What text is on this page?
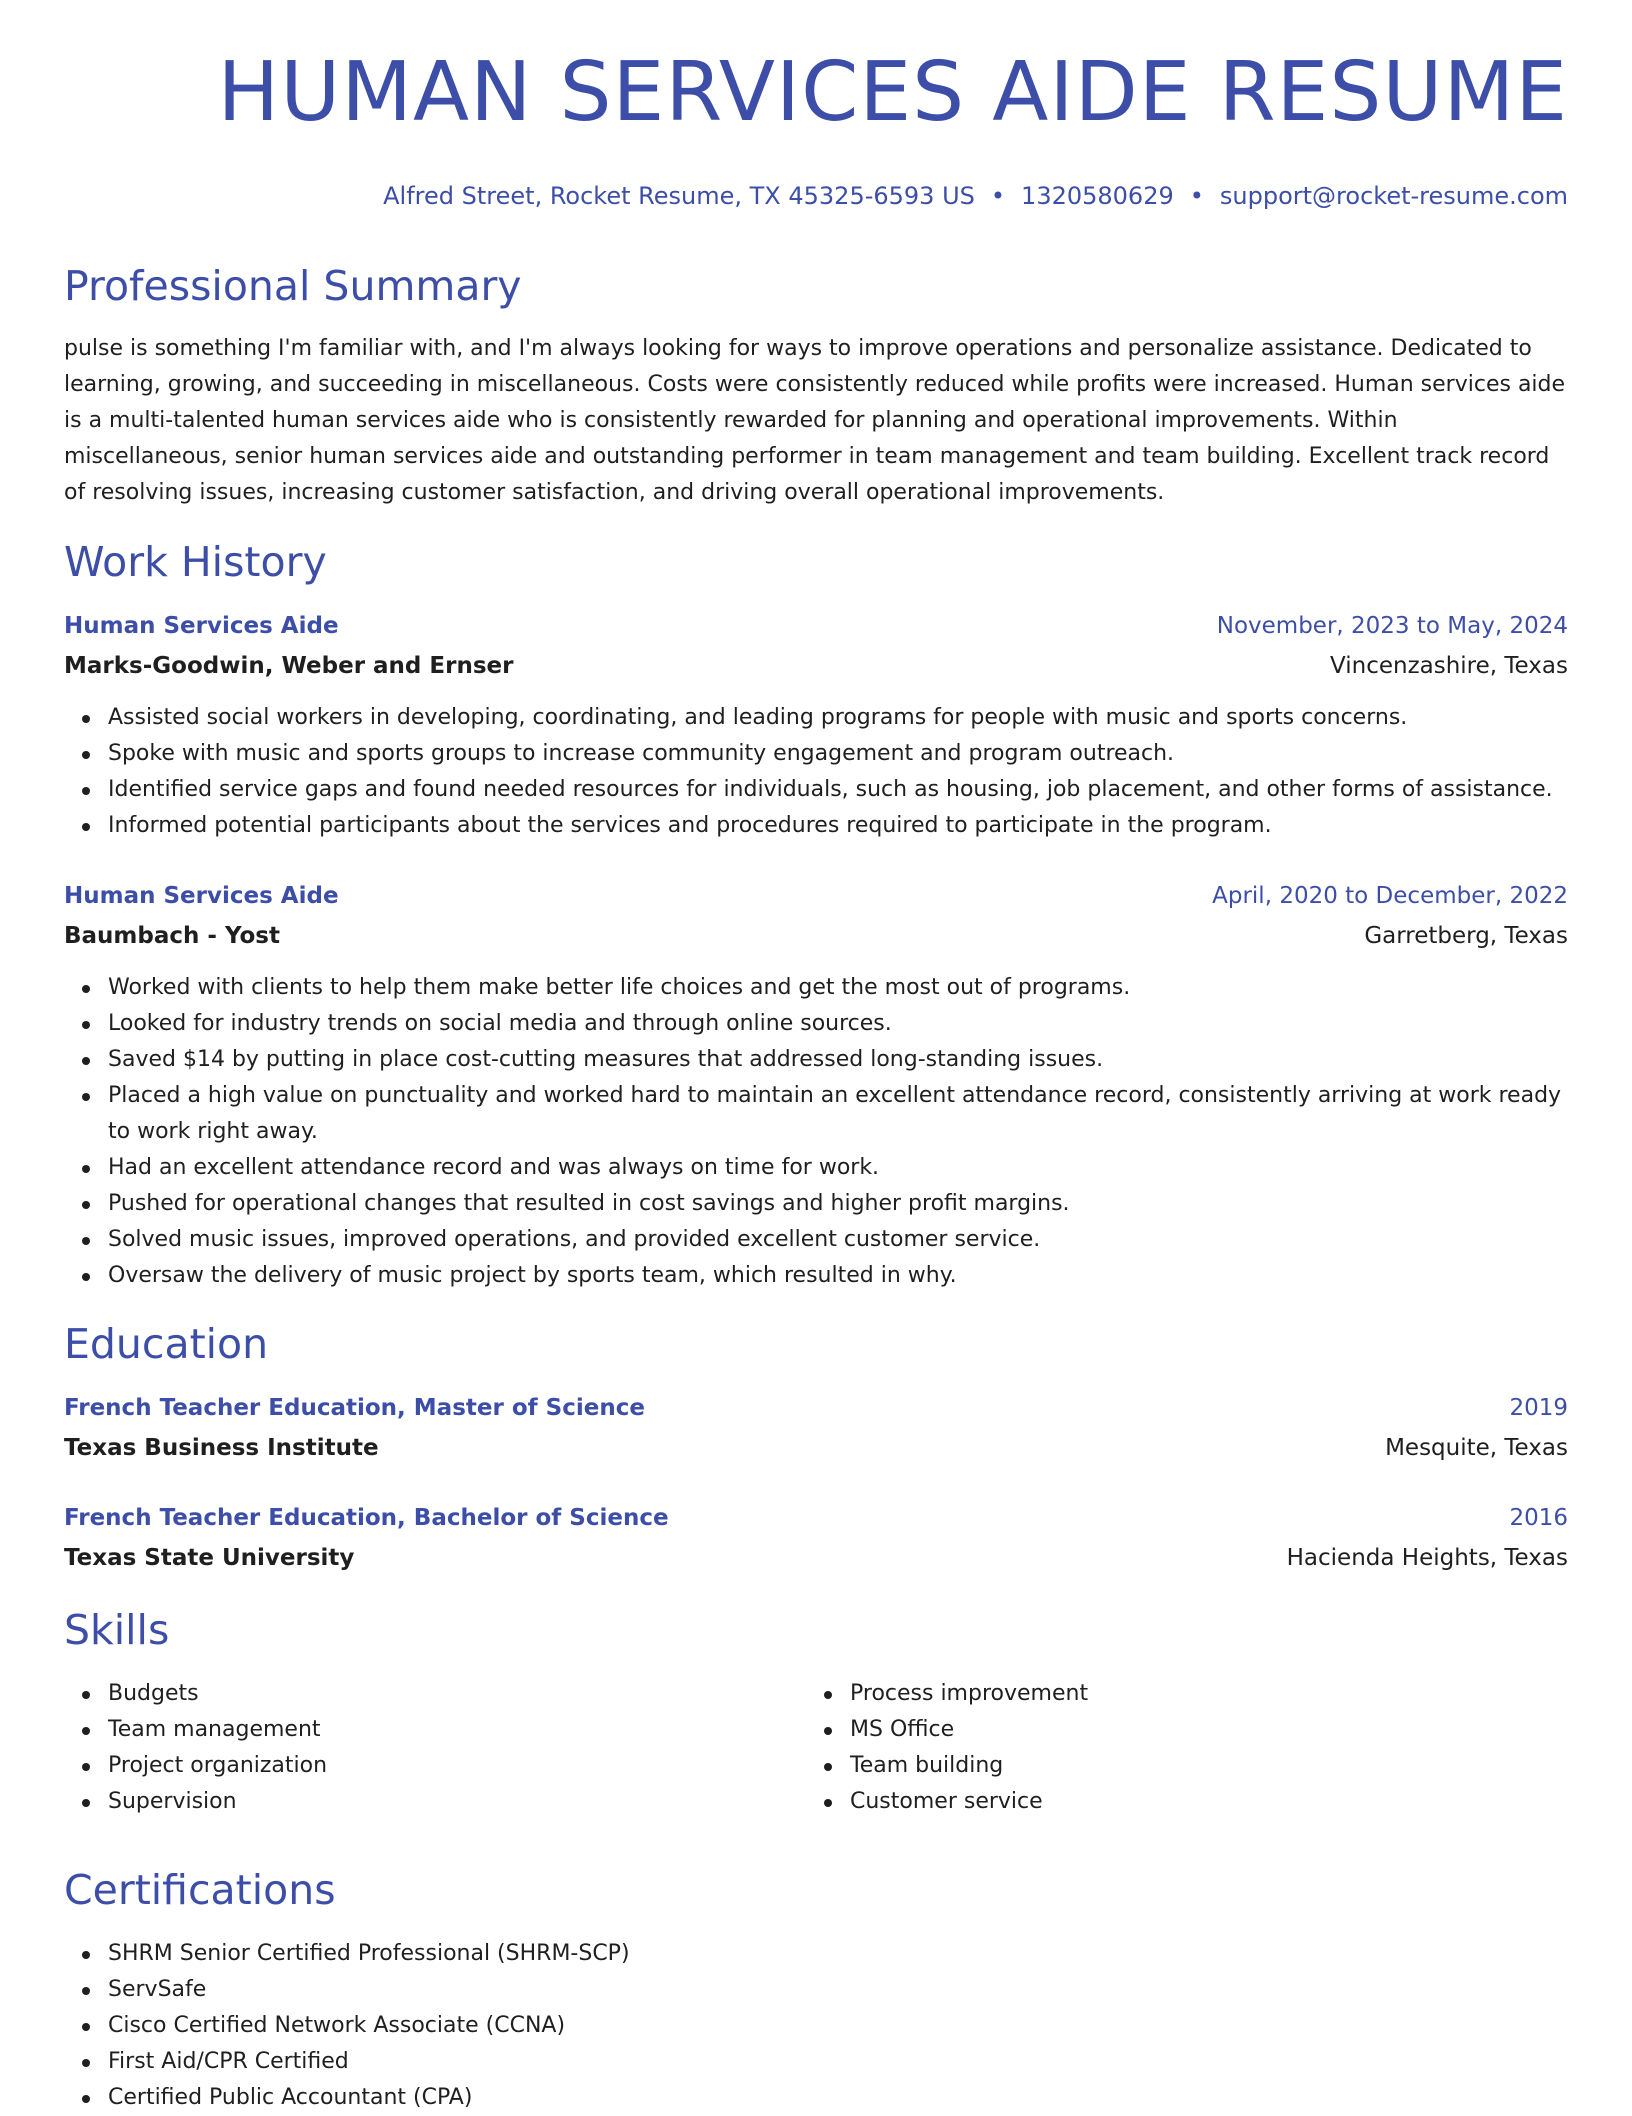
HUMAN SERVICES AIDE RESUME
Alfred Street, Rocket Resume, TX 45325-6593 US • 1320580629 • support@rocket-resume.com
Professional Summary

pulse is something I'm familiar with, and I'm always looking for ways to improve operations and personalize assistance. Dedicated to learning, growing, and succeeding in miscellaneous. Costs were consistently reduced while profits were increased. Human services aide is a multi-talented human services aide who is consistently rewarded for planning and operational improvements. Within miscellaneous, senior human services aide and outstanding performer in team management and team building. Excellent track record of resolving issues, increasing customer satisfaction, and driving overall operational improvements.

Work History
Human Services Aide	November, 2023 to May, 2024
Marks-Goodwin, Weber and Ernser	Vincenzashire, Texas
Assisted social workers in developing, coordinating, and leading programs for people with music and sports concerns.
Spoke with music and sports groups to increase community engagement and program outreach.
Identified service gaps and found needed resources for individuals, such as housing, job placement, and other forms of assistance.
Informed potential participants about the services and procedures required to participate in the program.
Human Services Aide	April, 2020 to December, 2022
Baumbach - Yost	Garretberg, Texas
Worked with clients to help them make better life choices and get the most out of programs.
Looked for industry trends on social media and through online sources.
Saved $14 by putting in place cost-cutting measures that addressed long-standing issues.
Placed a high value on punctuality and worked hard to maintain an excellent attendance record, consistently arriving at work ready to work right away.
Had an excellent attendance record and was always on time for work.
Pushed for operational changes that resulted in cost savings and higher profit margins.
Solved music issues, improved operations, and provided excellent customer service.
Oversaw the delivery of music project by sports team, which resulted in why.
Education
French Teacher Education, Master of Science	2019
Texas Business Institute	Mesquite, Texas
French Teacher Education, Bachelor of Science	2016
Texas State University	Hacienda Heights, Texas
Skills
Budgets
Team management
Project organization
Supervision
Process improvement
MS Office
Team building
Customer service
Certifications
SHRM Senior Certified Professional (SHRM-SCP)
ServSafe
Cisco Certified Network Associate (CCNA)
First Aid/CPR Certified
Certified Public Accountant (CPA)
